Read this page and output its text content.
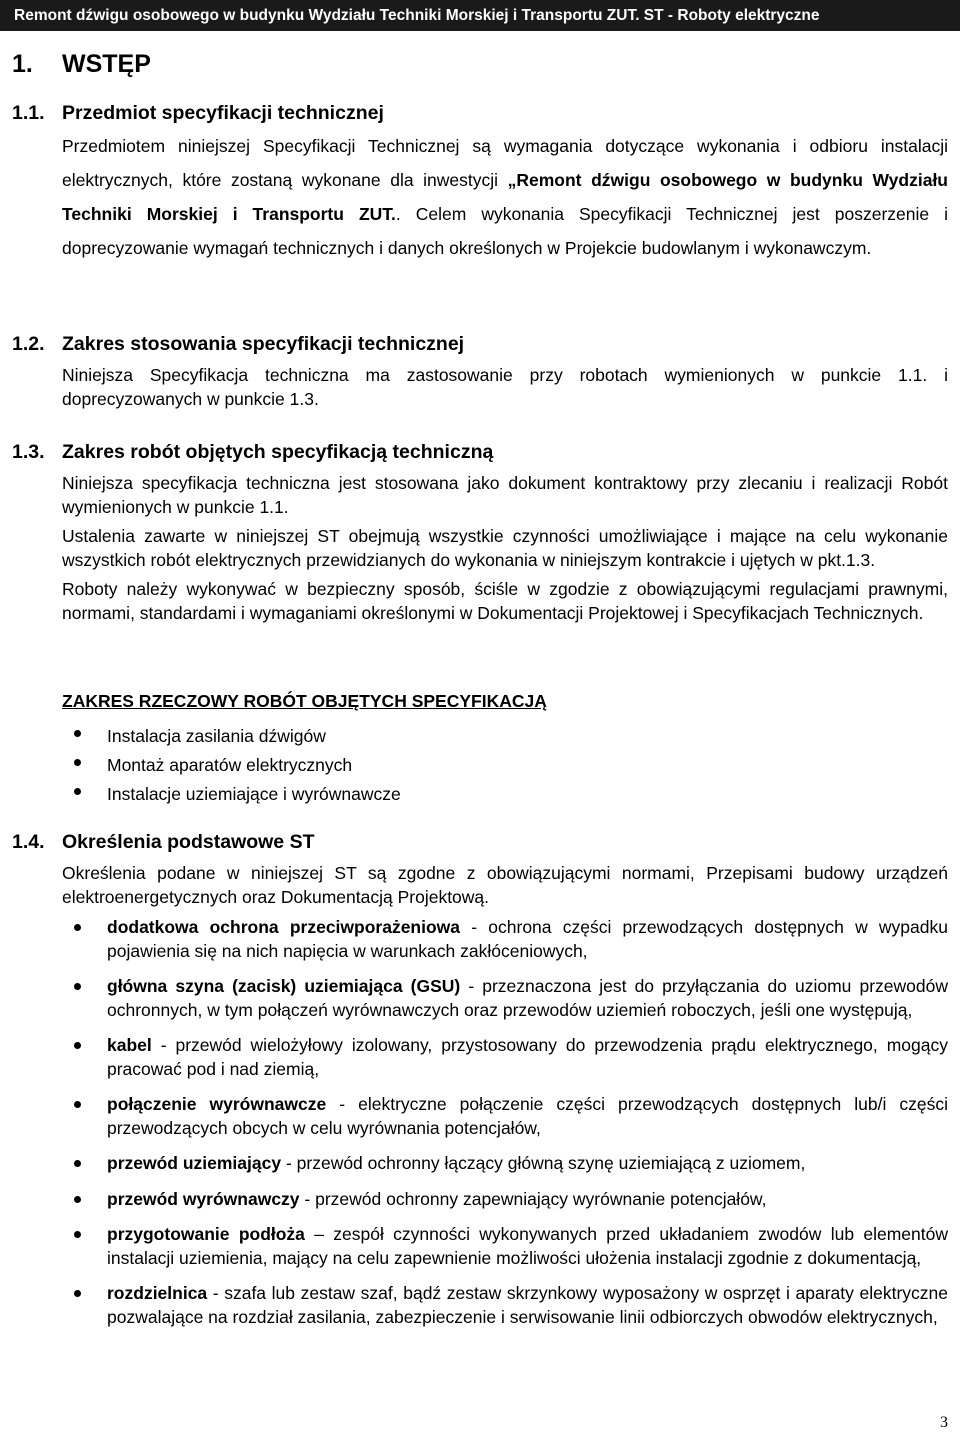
Remont dźwigu osobowego w budynku Wydziału Techniki Morskiej i Transportu ZUT. ST - Roboty elektryczne
1. WSTĘP
1.1. Przedmiot specyfikacji technicznej
Przedmiotem niniejszej Specyfikacji Technicznej są wymagania dotyczące wykonania i odbioru instalacji elektrycznych, które zostaną wykonane dla inwestycji „Remont dźwigu osobowego w budynku Wydziału Techniki Morskiej i Transportu ZUT.. Celem wykonania Specyfikacji Technicznej jest poszerzenie i doprecyzowanie wymagań technicznych i danych określonych w Projekcie budowlanym i wykonawczym.
1.2. Zakres stosowania specyfikacji technicznej
Niniejsza Specyfikacja techniczna ma zastosowanie przy robotach wymienionych w punkcie 1.1. i doprecyzowanych w punkcie 1.3.
1.3. Zakres robót objętych specyfikacją techniczną

Niniejsza specyfikacja techniczna jest stosowana jako dokument kontraktowy przy zlecaniu i realizacji Robót wymienionych w punkcie 1.1.

Ustalenia zawarte w niniejszej ST obejmują wszystkie czynności umożliwiające i mające na celu wykonanie wszystkich robót elektrycznych przewidzianych do wykonania w niniejszym kontrakcie i ujętych w pkt.1.3.

Roboty należy wykonywać w bezpieczny sposób, ściśle w zgodzie z obowiązującymi regulacjami prawnymi, normami, standardami i wymaganiami określonymi w Dokumentacji Projektowej i Specyfikacjach Technicznych.

ZAKRES RZECZOWY ROBÓT OBJĘTYCH SPECYFIKACJĄ
Instalacja zasilania dźwigów
Montaż aparatów elektrycznych
Instalacje uziemiające i wyrównawcze
1.4. Określenia podstawowe ST
Określenia podane w niniejszej ST są zgodne z obowiązującymi normami, Przepisami budowy urządzeń elektroenergetycznych oraz Dokumentacją Projektową.
dodatkowa ochrona przeciwporażeniowa - ochrona części przewodzących dostępnych w wypadku pojawienia się na nich napięcia w warunkach zakłóceniowych,
główna szyna (zacisk) uziemiająca (GSU) - przeznaczona jest do przyłączania do uziomu przewodów ochronnych, w tym połączeń wyrównawczych oraz przewodów uziemień roboczych, jeśli one występują,
kabel - przewód wielożyłowy izolowany, przystosowany do przewodzenia prądu elektrycznego, mogący pracować pod i nad ziemią,
połączenie wyrównawcze - elektryczne połączenie części przewodzących dostępnych lub/i części przewodzących obcych w celu wyrównania potencjałów,
przewód uziemiający - przewód ochronny łączący główną szynę uziemiającą z uziomem,
przewód wyrównawczy - przewód ochronny zapewniający wyrównanie potencjałów,
przygotowanie podłoża – zespół czynności wykonywanych przed układaniem zwodów lub elementów instalacji uziemienia, mający na celu zapewnienie możliwości ułożenia instalacji zgodnie z dokumentacją,
rozdzielnica - szafa lub zestaw szaf, bądź zestaw skrzynkowy wyposażony w osprzęt i aparaty elektryczne pozwalające na rozdział zasilania, zabezpieczenie i serwisowanie linii odbiorczych obwodów elektrycznych,
3
